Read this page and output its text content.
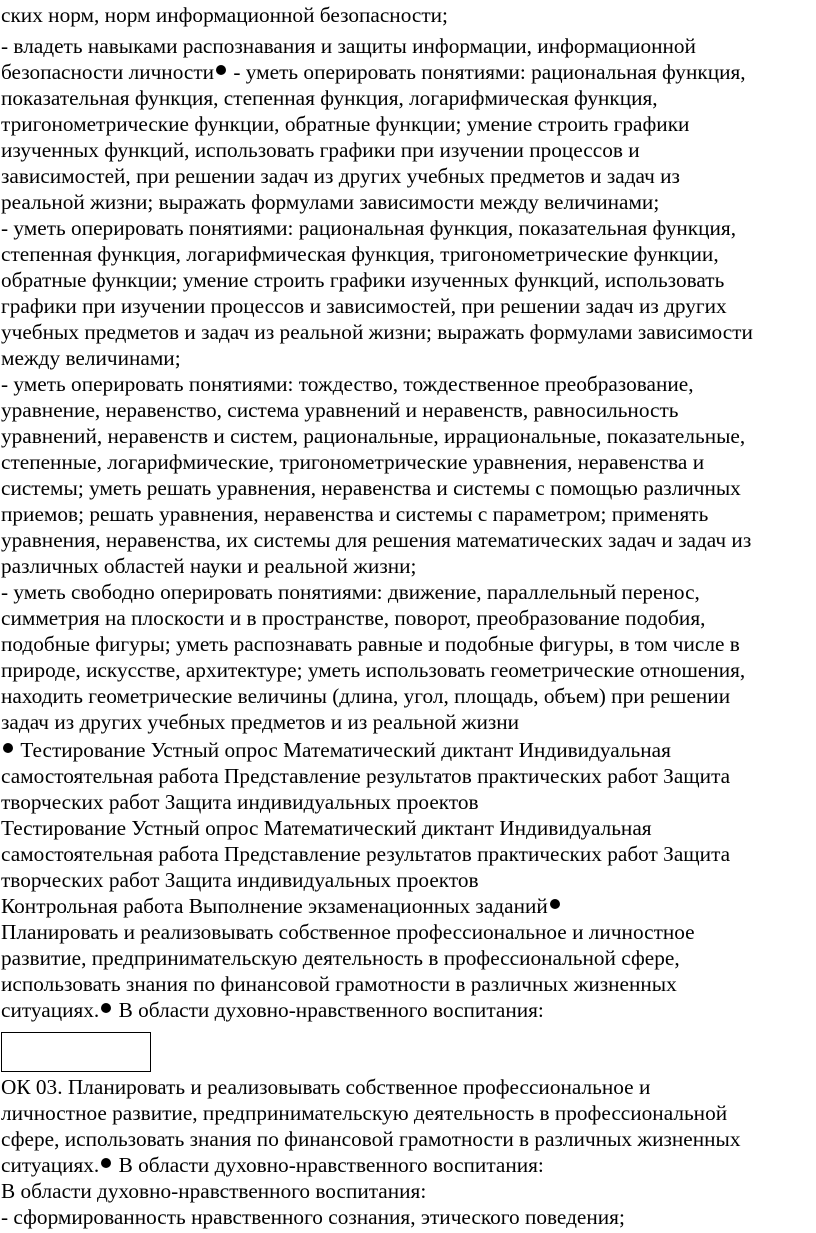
ских норм, норм информационной безопасности;
- владеть навыками распознавания и защиты информации, информационной
безопасности личности - уметь оперировать понятиями: рациональная функция,
показательная функция, степенная функция, логарифмическая функция,
тригонометрические функции, обратные функции; умение строить графики
изученных функций, использовать графики при изучении процессов и
зависимостей, при решении задач из других учебных предметов и задач из
реальной жизни; выражать формулами зависимости между величинами;
- уметь оперировать понятиями: рациональная функция, показательная функция,
степенная функция, логарифмическая функция, тригонометрические функции,
обратные функции; умение строить графики изученных функций, использовать
графики при изучении процессов и зависимостей, при решении задач из других
учебных предметов и задач из реальной жизни; выражать формулами зависимости
между величинами;
- уметь оперировать понятиями: тождество, тождественное преобразование,
уравнение, неравенство, система уравнений и неравенств, равносильность
уравнений, неравенств и систем, рациональные, иррациональные, показательные,
степенные, логарифмические, тригонометрические уравнения, неравенства и
системы; уметь решать уравнения, неравенства и системы с помощью различных
приемов; решать уравнения, неравенства и системы с параметром; применять
уравнения, неравенства, их системы для решения математических задач и задач из
различных областей науки и реальной жизни;
- уметь свободно оперировать понятиями: движение, параллельный перенос,
симметрия на плоскости и в пространстве, поворот, преобразование подобия,
подобные фигуры; уметь распознавать равные и подобные фигуры, в том числе в
природе, искусстве, архитектуре; уметь использовать геометрические отношения,
находить геометрические величины (длина, угол, площадь, объем) при решении
задач из других учебных предметов и из реальной жизни
Тестирование Устный опрос Математический диктант Индивидуальная
самостоятельная работа Представление результатов практических работ Защита
творческих работ Защита индивидуальных проектов
Тестирование Устный опрос Математический диктант Индивидуальная
самостоятельная работа Представление результатов практических работ Защита
творческих работ Защита индивидуальных проектов
Контрольная работа Выполнение экзаменационных заданий
Планировать и реализовывать собственное профессиональное и личностное
развитие, предпринимательскую деятельность в профессиональной сфере,
использовать знания по финансовой грамотности в различных жизненных
ситуациях. В области духовно-нравственного воспитания:
ОК 03. Планировать и реализовывать собственное профессиональное и
личностное развитие, предпринимательскую деятельность в профессиональной
сфере, использовать знания по финансовой грамотности в различных жизненных
ситуациях. В области духовно-нравственного воспитания:
В области духовно-нравственного воспитания:
- сформированность нравственного сознания, этического поведения;
